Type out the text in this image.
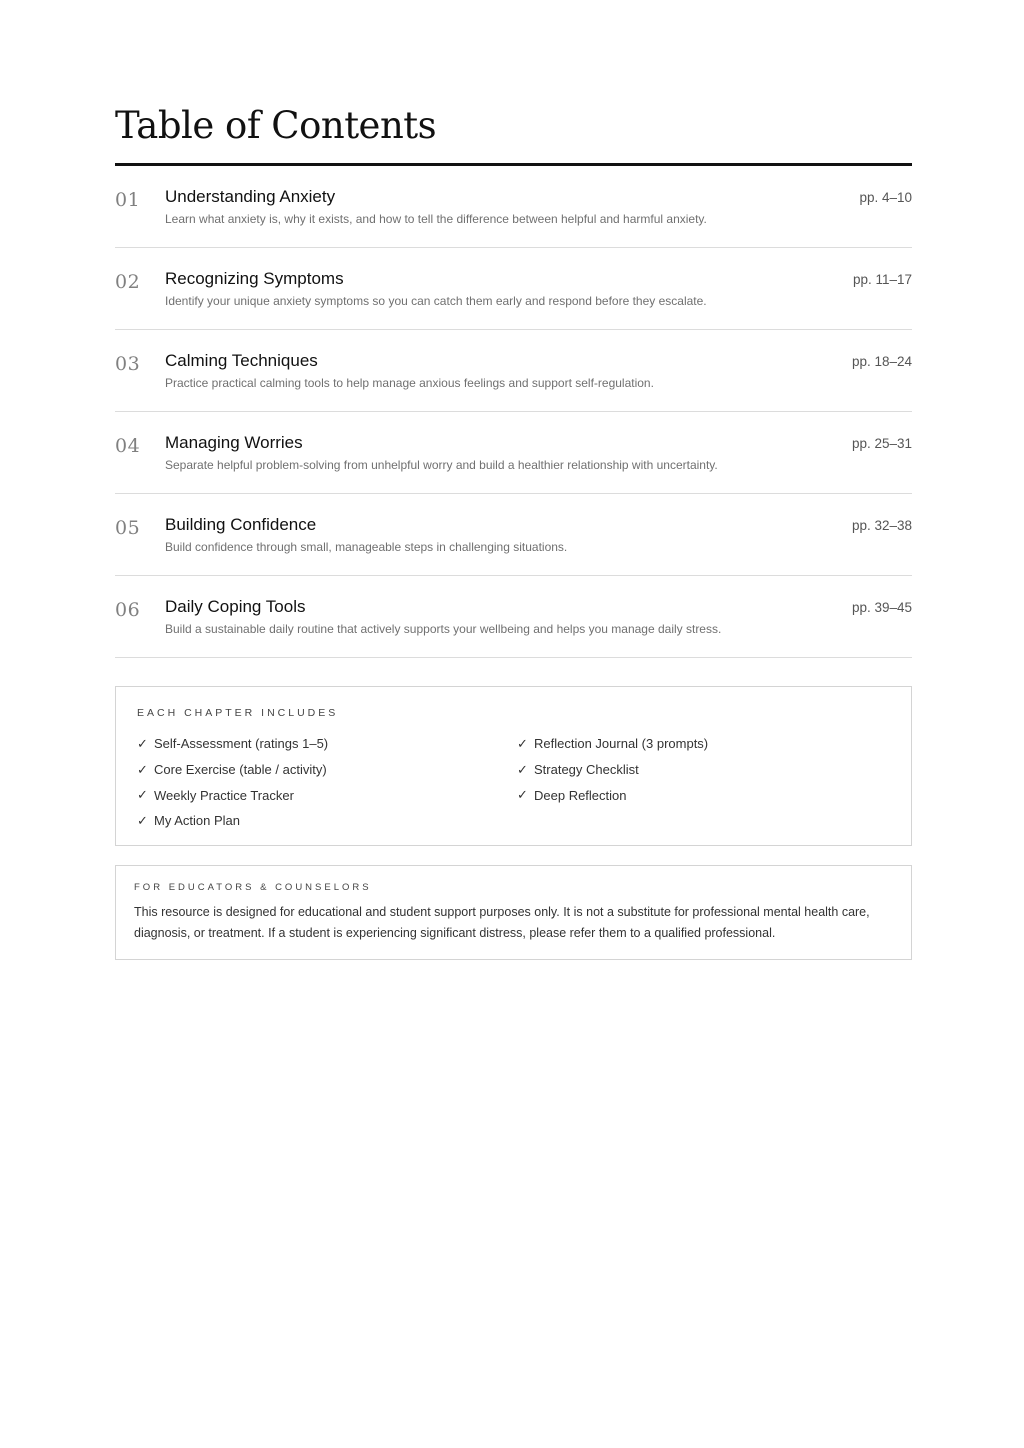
Table of Contents
01 Understanding Anxiety
Learn what anxiety is, why it exists, and how to tell the difference between helpful and harmful anxiety.
pp. 4–10
02 Recognizing Symptoms
Identify your unique anxiety symptoms so you can catch them early and respond before they escalate.
pp. 11–17
03 Calming Techniques
Practice practical calming tools to help manage anxious feelings and support self-regulation.
pp. 18–24
04 Managing Worries
Separate helpful problem-solving from unhelpful worry and build a healthier relationship with uncertainty.
pp. 25–31
05 Building Confidence
Build confidence through small, manageable steps in challenging situations.
pp. 32–38
06 Daily Coping Tools
Build a sustainable daily routine that actively supports your wellbeing and helps you manage daily stress.
pp. 39–45
EACH CHAPTER INCLUDES
✓ Self-Assessment (ratings 1–5)
✓ Core Exercise (table / activity)
✓ Weekly Practice Tracker
✓ My Action Plan
✓ Reflection Journal (3 prompts)
✓ Strategy Checklist
✓ Deep Reflection
FOR EDUCATORS & COUNSELORS

This resource is designed for educational and student support purposes only. It is not a substitute for professional mental health care, diagnosis, or treatment. If a student is experiencing significant distress, please refer them to a qualified professional.
